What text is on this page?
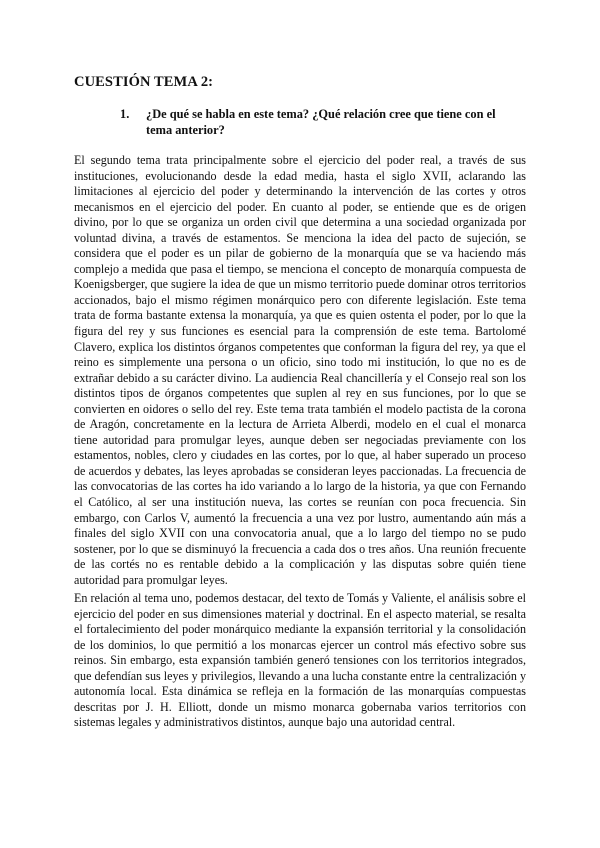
CUESTIÓN TEMA 2:
1. ¿De qué se habla en este tema? ¿Qué relación cree que tiene con el tema anterior?

El segundo tema trata principalmente sobre el ejercicio del poder real, a través de sus instituciones, evolucionando desde la edad media, hasta el siglo XVII, aclarando las limitaciones al ejercicio del poder y determinando la intervención de las cortes y otros mecanismos en el ejercicio del poder. En cuanto al poder, se entiende que es de origen divino, por lo que se organiza un orden civil que determina a una sociedad organizada por voluntad divina, a través de estamentos. Se menciona la idea del pacto de sujeción, se considera que el poder es un pilar de gobierno de la monarquía que se va haciendo más complejo a medida que pasa el tiempo, se menciona el concepto de monarquía compuesta de Koenigsberger, que sugiere la idea de que un mismo territorio puede dominar otros territorios accionados, bajo el mismo régimen monárquico pero con diferente legislación. Este tema trata de forma bastante extensa la monarquía, ya que es quien ostenta el poder, por lo que la figura del rey y sus funciones es esencial para la comprensión de este tema. Bartolomé Clavero, explica los distintos órganos competentes que conforman la figura del rey, ya que el reino es simplemente una persona o un oficio, sino todo mi institución, lo que no es de extrañar debido a su carácter divino. La audiencia Real chancillería y el Consejo real son los distintos tipos de órganos competentes que suplen al rey en sus funciones, por lo que se convierten en oidores o sello del rey. Este tema trata también el modelo pactista de la corona de Aragón, concretamente en la lectura de Arrieta Alberdi, modelo en el cual el monarca tiene autoridad para promulgar leyes, aunque deben ser negociadas previamente con los estamentos, nobles, clero y ciudades en las cortes, por lo que, al haber superado un proceso de acuerdos y debates, las leyes aprobadas se consideran leyes paccionadas. La frecuencia de las convocatorias de las cortes ha ido variando a lo largo de la historia, ya que con Fernando el Católico, al ser una institución nueva, las cortes se reunían con poca frecuencia. Sin embargo, con Carlos V, aumentó la frecuencia a una vez por lustro, aumentando aún más a finales del siglo XVII con una convocatoria anual, que a lo largo del tiempo no se pudo sostener, por lo que se disminuyó la frecuencia a cada dos o tres años. Una reunión frecuente de las cortés no es rentable debido a la complicación y las disputas sobre quién tiene autoridad para promulgar leyes.

En relación al tema uno, podemos destacar, del texto de Tomás y Valiente, el análisis sobre el ejercicio del poder en sus dimensiones material y doctrinal. En el aspecto material, se resalta el fortalecimiento del poder monárquico mediante la expansión territorial y la consolidación de los dominios, lo que permitió a los monarcas ejercer un control más efectivo sobre sus reinos. Sin embargo, esta expansión también generó tensiones con los territorios integrados, que defendían sus leyes y privilegios, llevando a una lucha constante entre la centralización y autonomía local. Esta dinámica se refleja en la formación de las monarquías compuestas descritas por J. H. Elliott, donde un mismo monarca gobernaba varios territorios con sistemas legales y administrativos distintos, aunque bajo una autoridad central.
